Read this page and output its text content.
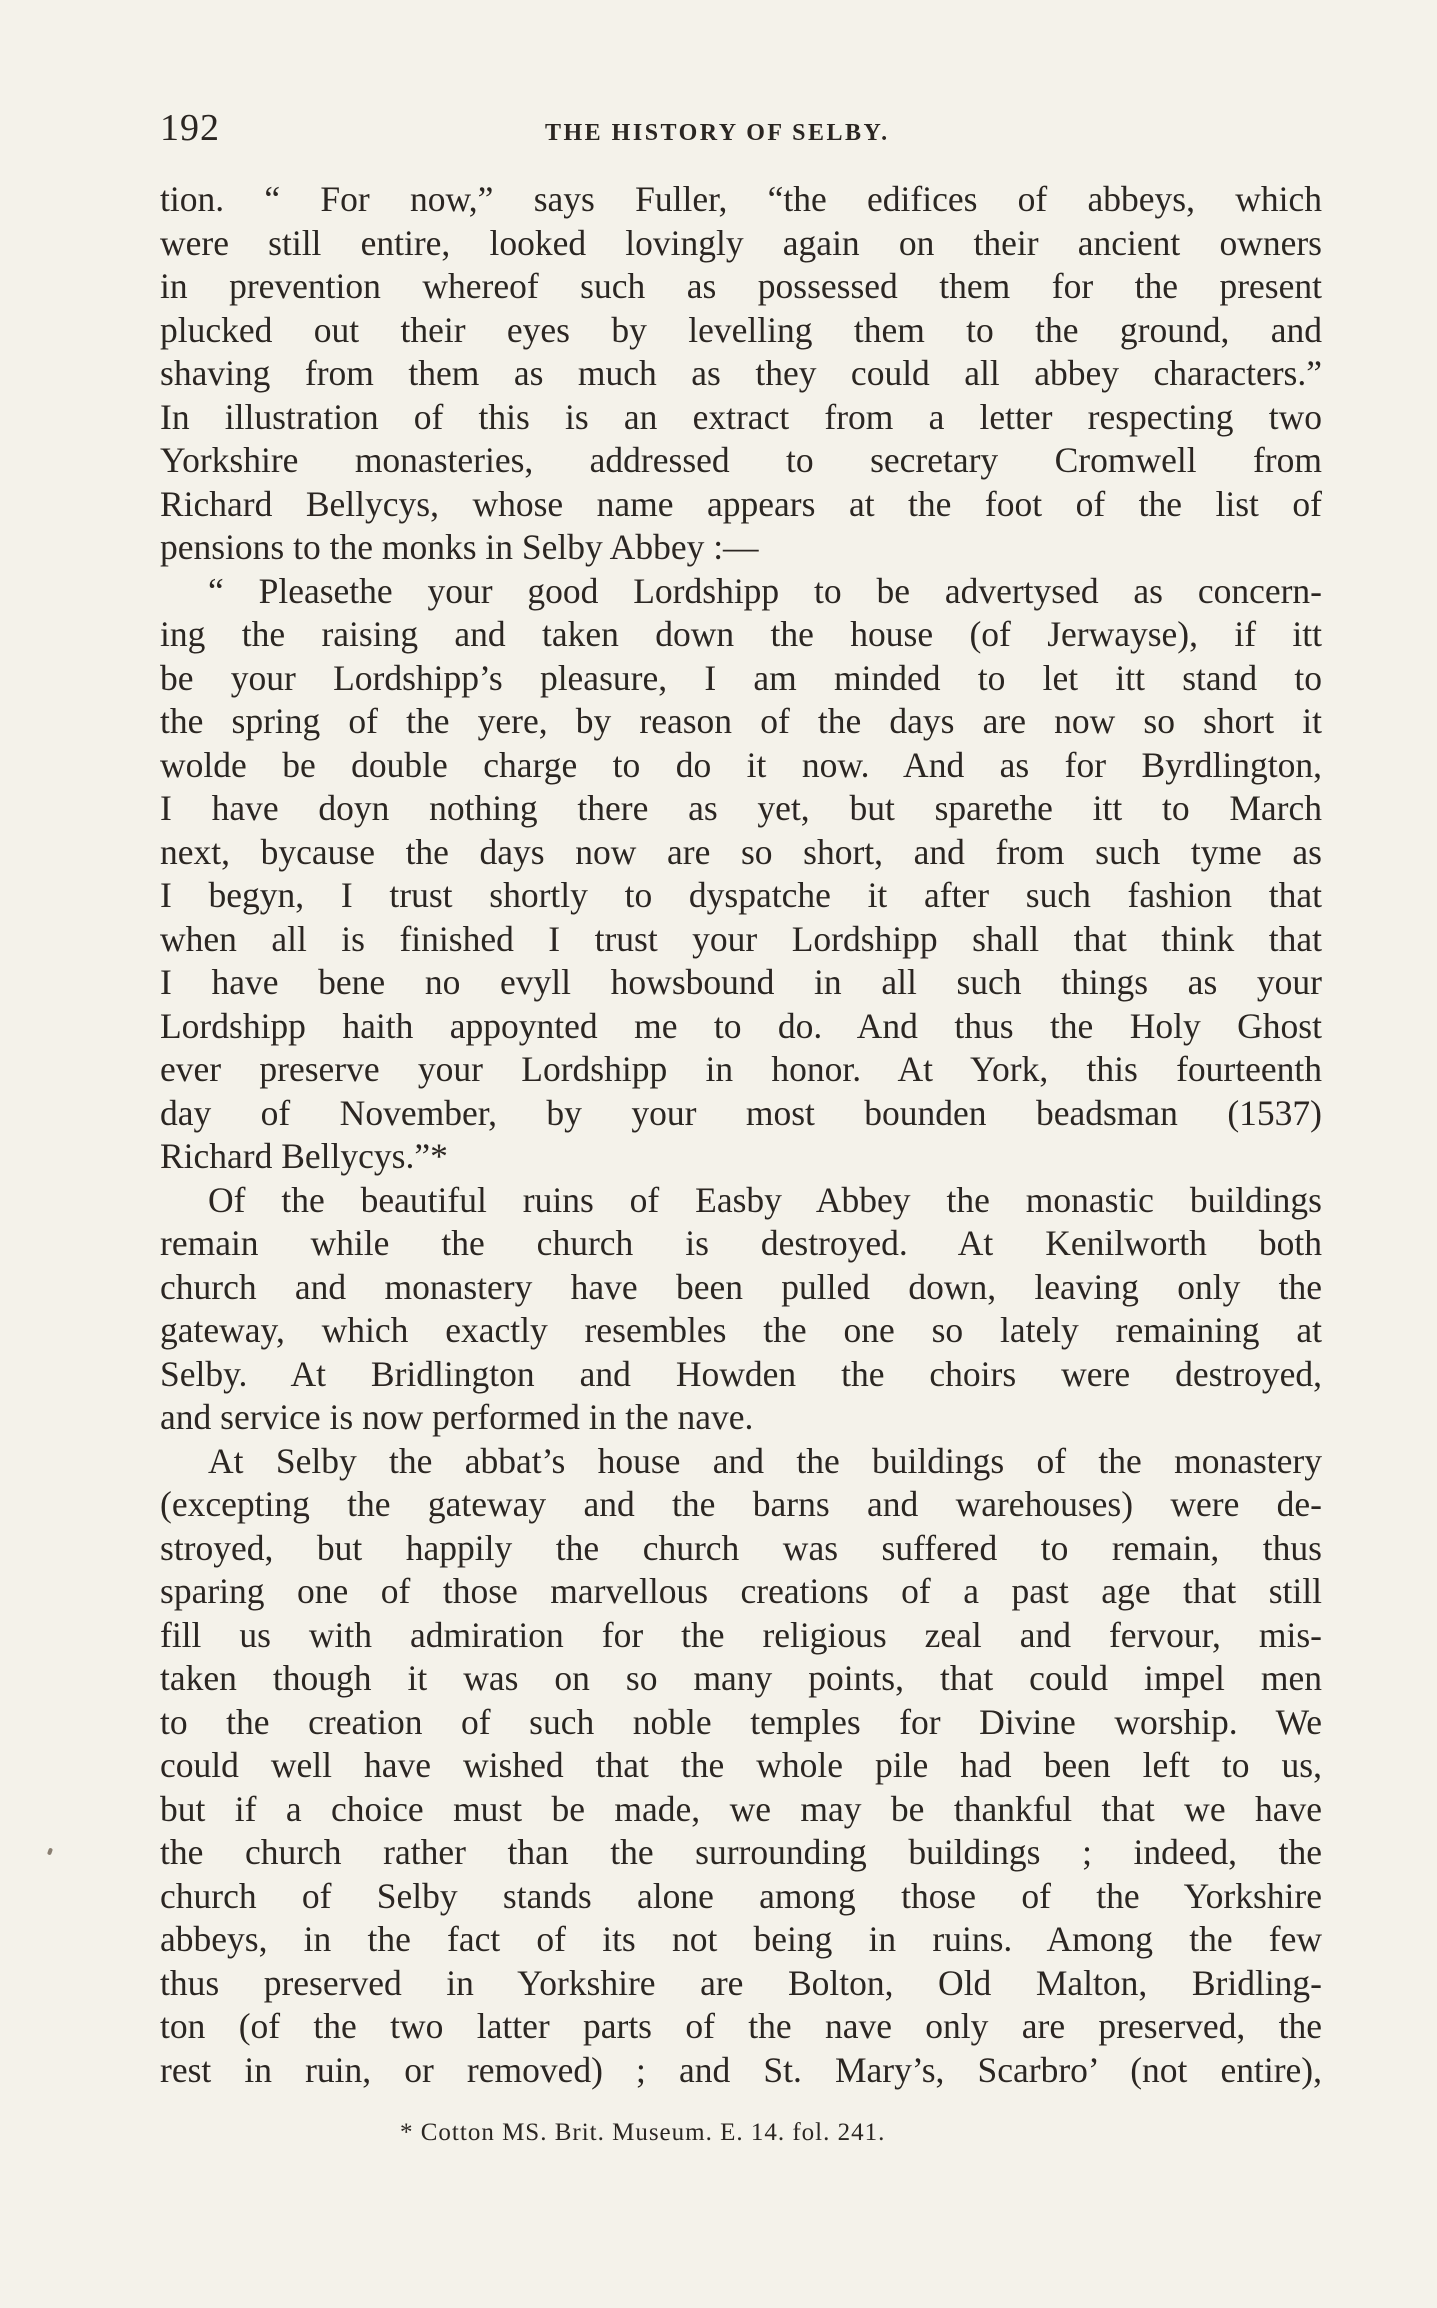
192	THE HISTORY OF SELBY.
tion. “ For now,” says Fuller, “the edifices of abbeys, which
were still entire, looked lovingly again on their ancient owners
in prevention whereof such as possessed them for the present
plucked out their eyes by levelling them to the ground, and
shaving from them as much as they could all abbey characters.”
In illustration of this is an extract from a letter respecting two
Yorkshire monasteries, addressed to secretary Cromwell from
Richard Bellycys, whose name appears at the foot of the list of
pensions to the monks in Selby Abbey :—
“ Pleasethe your good Lordshipp to be advertysed as concern-
ing the raising and taken down the house (of Jerwayse), if itt
be your Lordshipp’s pleasure, I am minded to let itt stand to
the spring of the yere, by reason of the days are now so short it
wolde be double charge to do it now. And as for Byrdlington,
I have doyn nothing there as yet, but sparethe itt to March
next, bycause the days now are so short, and from such tyme as
I begyn, I trust shortly to dyspatche it after such fashion that
when all is finished I trust your Lordshipp shall that think that
I have bene no evyll howsbound in all such things as your
Lordshipp haith appoynted me to do. And thus the Holy Ghost
ever preserve your Lordshipp in honor. At York, this fourteenth
day of November, by your most bounden beadsman (1537)
Richard Bellycys.”*
Of the beautiful ruins of Easby Abbey the monastic buildings
remain while the church is destroyed. At Kenilworth both
church and monastery have been pulled down, leaving only the
gateway, which exactly resembles the one so lately remaining at
Selby. At Bridlington and Howden the choirs were destroyed,
and service is now performed in the nave.
At Selby the abbat’s house and the buildings of the monastery
(excepting the gateway and the barns and warehouses) were de-
stroyed, but happily the church was suffered to remain, thus
sparing one of those marvellous creations of a past age that still
fill us with admiration for the religious zeal and fervour, mis-
taken though it was on so many points, that could impel men
to the creation of such noble temples for Divine worship. We
could well have wished that the whole pile had been left to us,
but if a choice must be made, we may be thankful that we have
the church rather than the surrounding buildings ; indeed, the
church of Selby stands alone among those of the Yorkshire
abbeys, in the fact of its not being in ruins. Among the few
thus preserved in Yorkshire are Bolton, Old Malton, Bridling-
ton (of the two latter parts of the nave only are preserved, the
rest in ruin, or removed) ; and St. Mary’s, Scarbro’ (not entire),
* Cotton MS. Brit. Museum. E. 14. fol. 241.
